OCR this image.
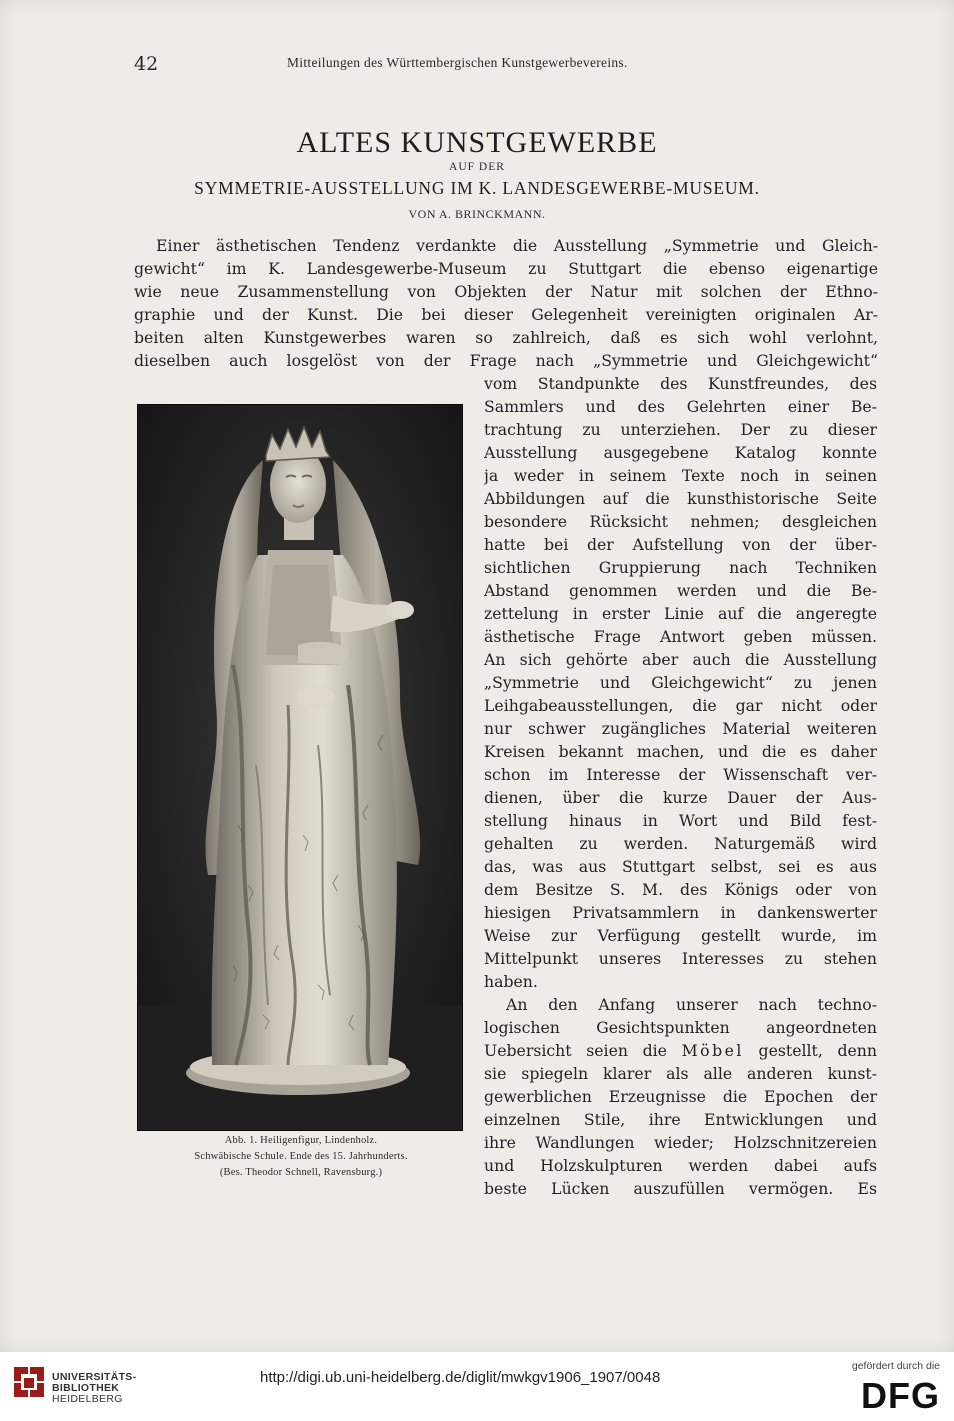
42	Mitteilungen des Württembergischen Kunstgewerbevereins.
ALTES KUNSTGEWERBE
AUF DER
SYMMETRIE-AUSSTELLUNG IM K. LANDESGEWERBE-MUSEUM.
VON A. BRINCKMANN.
Einer ästhetischen Tendenz verdankte die Ausstellung „Symmetrie und Gleich-
gewicht“ im K. Landesgewerbe-Museum zu Stuttgart die ebenso eigenartige
wie neue Zusammenstellung von Objekten der Natur mit solchen der Ethno-
graphie und der Kunst. Die bei dieser Gelegenheit vereinigten originalen Ar-
beiten alten Kunstgewerbes waren so zahlreich, daß es sich wohl verlohnt,
dieselben auch losgelöst von der Frage nach „Symmetrie und Gleichgewicht“
vom Standpunkte des Kunstfreundes, des
Sammlers und des Gelehrten einer Be-
trachtung zu unterziehen. Der zu dieser
Ausstellung ausgegebene Katalog konnte
ja weder in seinem Texte noch in seinen
Abbildungen auf die kunsthistorische Seite
besondere Rücksicht nehmen; desgleichen
hatte bei der Aufstellung von der über-
sichtlichen Gruppierung nach Techniken
Abstand genommen werden und die Be-
zettelung in erster Linie auf die angeregte
ästhetische Frage Antwort geben müssen.
An sich gehörte aber auch die Ausstellung
„Symmetrie und Gleichgewicht“ zu jenen
Leihgabeausstellungen, die gar nicht oder
nur schwer zugängliches Material weiteren
Kreisen bekannt machen, und die es daher
schon im Interesse der Wissenschaft ver-
dienen, über die kurze Dauer der Aus-
stellung hinaus in Wort und Bild fest-
gehalten zu werden. Naturgemäß wird
das, was aus Stuttgart selbst, sei es aus
dem Besitze S. M. des Königs oder von
hiesigen Privatsammlern in dankenswerter
Weise zur Verfügung gestellt wurde, im
Mittelpunkt unseres Interesses zu stehen
haben.
An den Anfang unserer nach techno-
logischen Gesichtspunkten angeordneten
Uebersicht seien die Möbel gestellt, denn
sie spiegeln klarer als alle anderen kunst-
gewerblichen Erzeugnisse die Epochen der
einzelnen Stile, ihre Entwicklungen und
ihre Wandlungen wieder; Holzschnitzereien
und Holzskulpturen werden dabei aufs
beste Lücken auszufüllen vermögen. Es
Abb. 1. Heiligenfigur, Lindenholz.
Schwäbische Schule. Ende des 15. Jahrhunderts.
(Bes. Theodor Schnell, Ravensburg.)
UNIVERSITÄTS-
BIBLIOTHEK
HEIDELBERG
http://digi.ub.uni-heidelberg.de/diglit/mwkgv1906_1907/0048
gefördert durch die
DFG
